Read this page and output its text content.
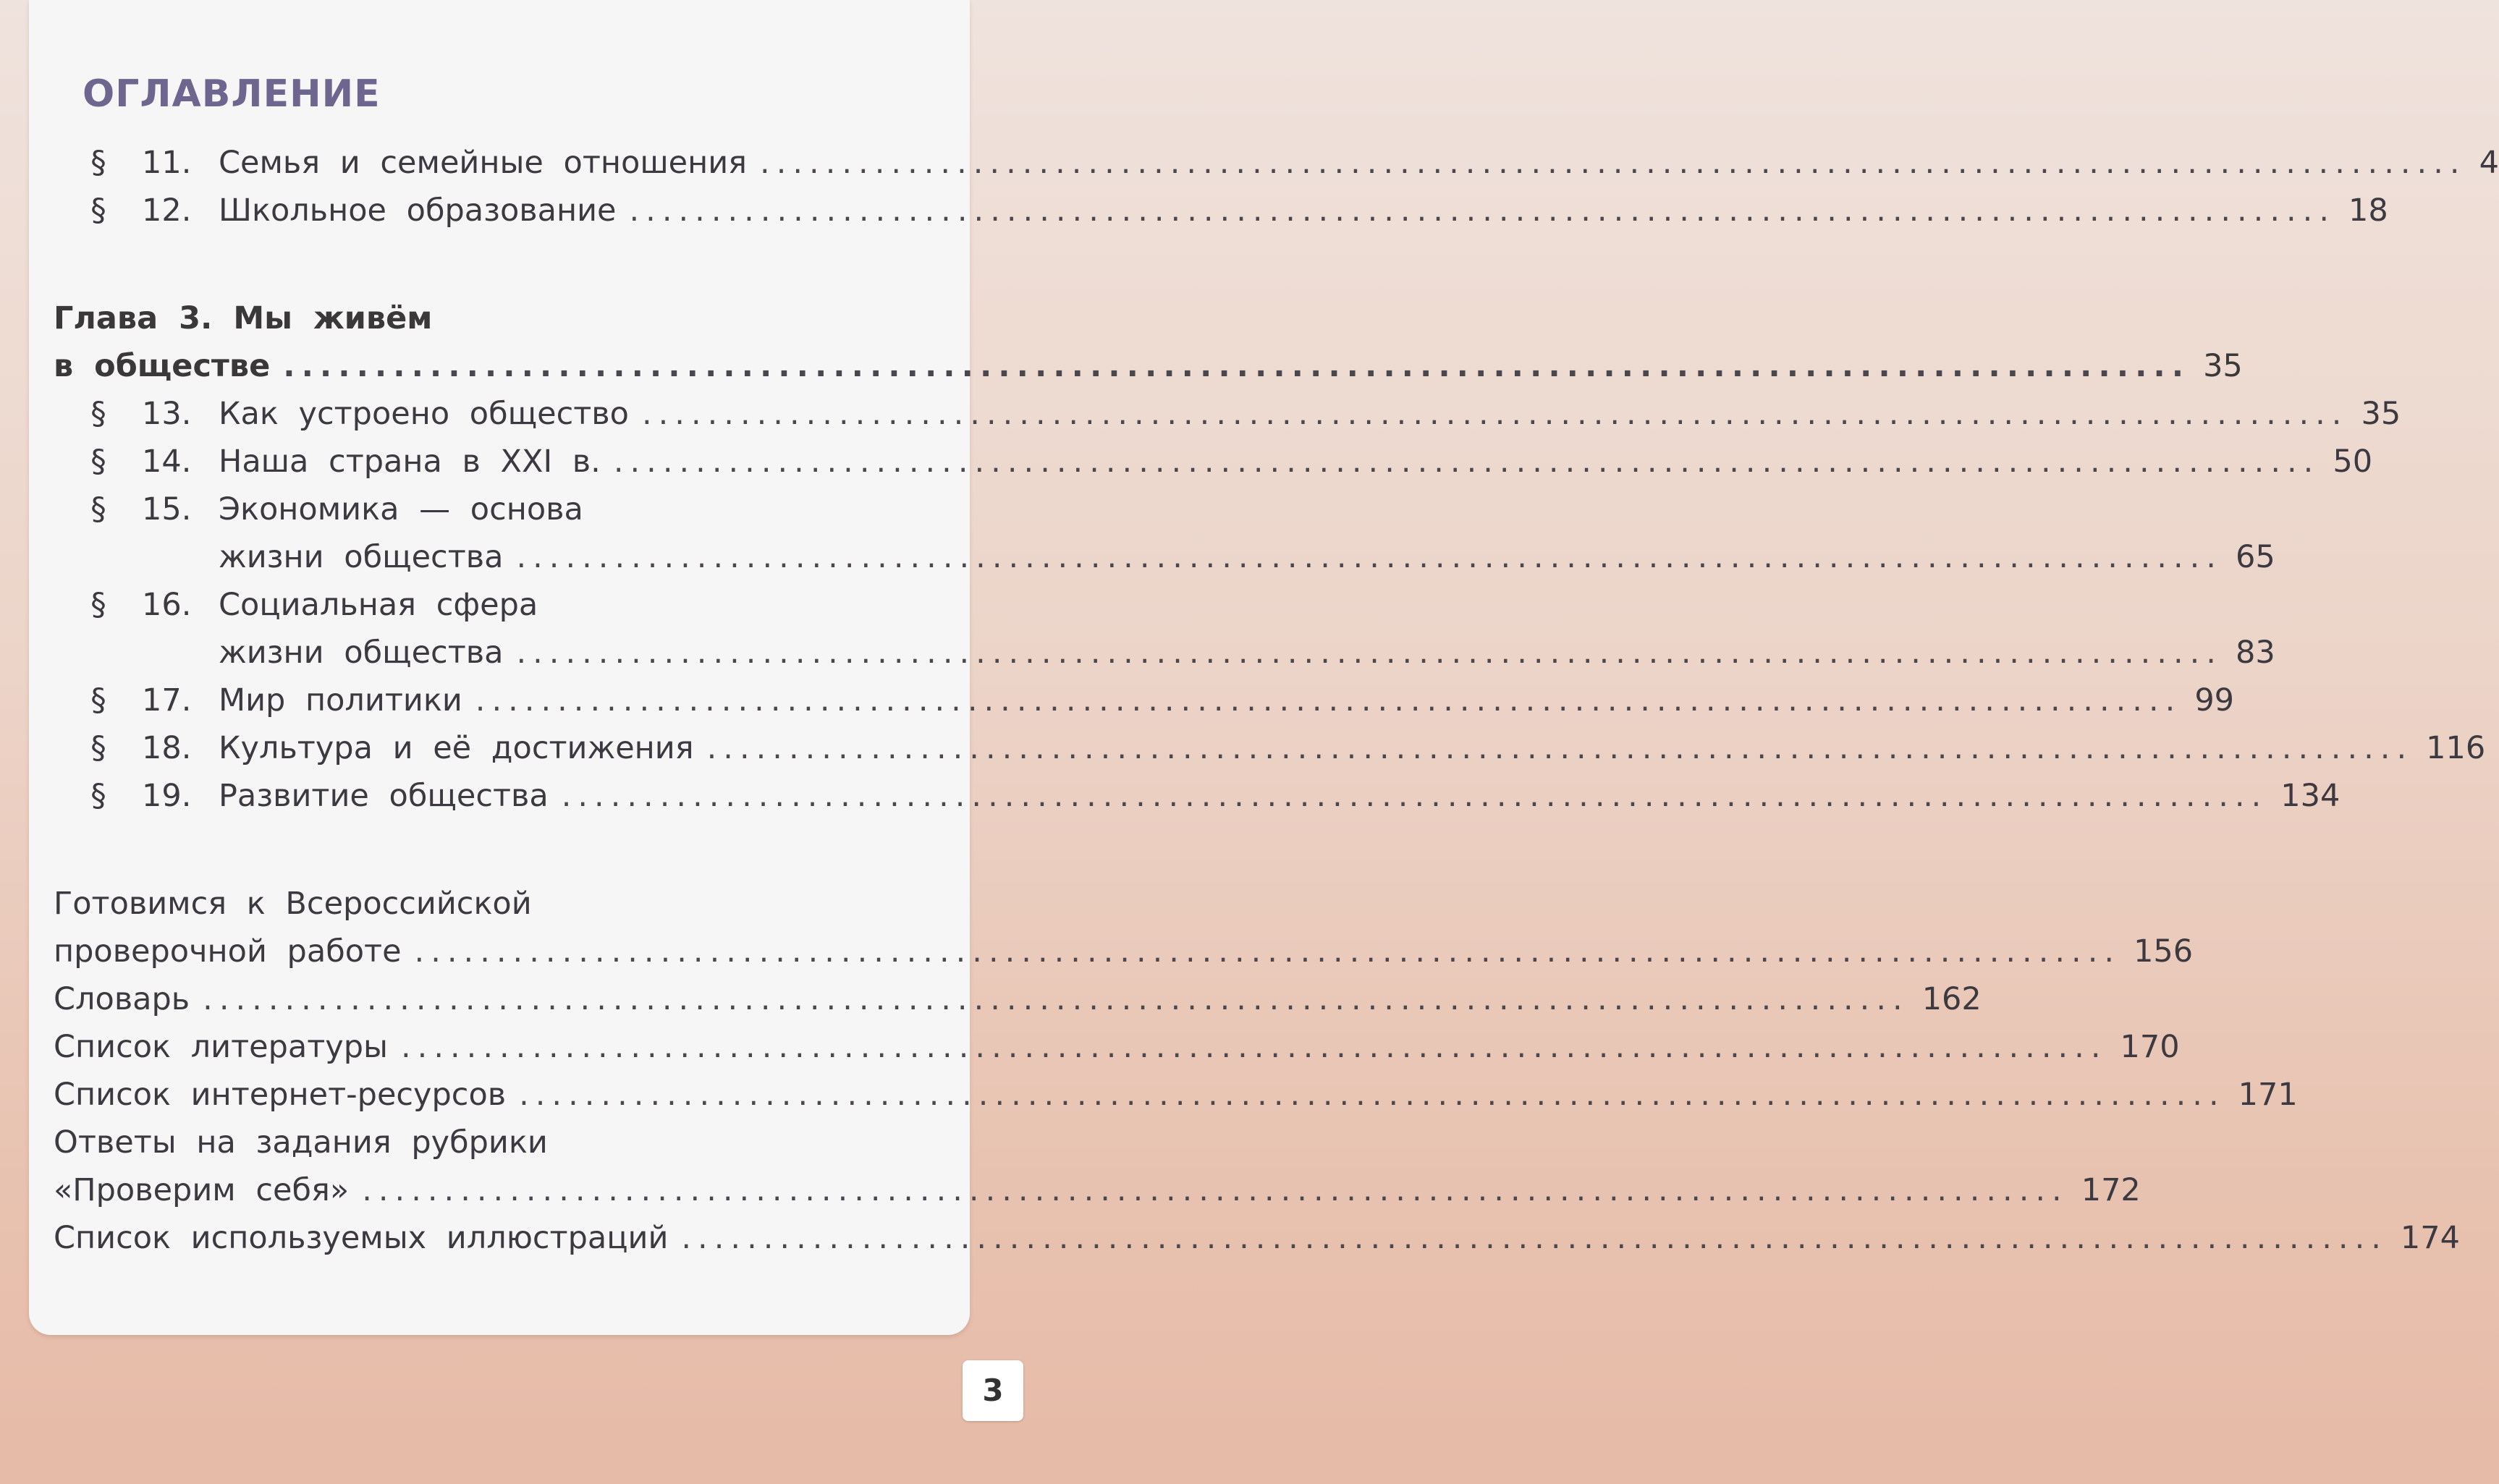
ОГЛАВЛЕНИЕ
§ 11. Семья и семейные отношения ........................................................................................................ 4
§ 12. Школьное образование ........................................................................................................ 18
Глава 3. Мы живём
в обществе ........................................................................................................ 35
§ 13. Как устроено общество ........................................................................................................ 35
§ 14. Наша страна в XXI в. ........................................................................................................ 50
§ 15. Экономика — основа
жизни общества ........................................................................................................ 65
§ 16. Социальная сфера
жизни общества ........................................................................................................ 83
§ 17. Мир политики ........................................................................................................ 99
§ 18. Культура и её достижения ........................................................................................................ 116
§ 19. Развитие общества ........................................................................................................ 134
Готовимся к Всероссийской
проверочной работе ........................................................................................................ 156
Словарь ........................................................................................................ 162
Список литературы ........................................................................................................ 170
Список интернет-ресурсов ........................................................................................................ 171
Ответы на задания рубрики
«Проверим себя» ........................................................................................................ 172
Список используемых иллюстраций ........................................................................................................ 174
3
